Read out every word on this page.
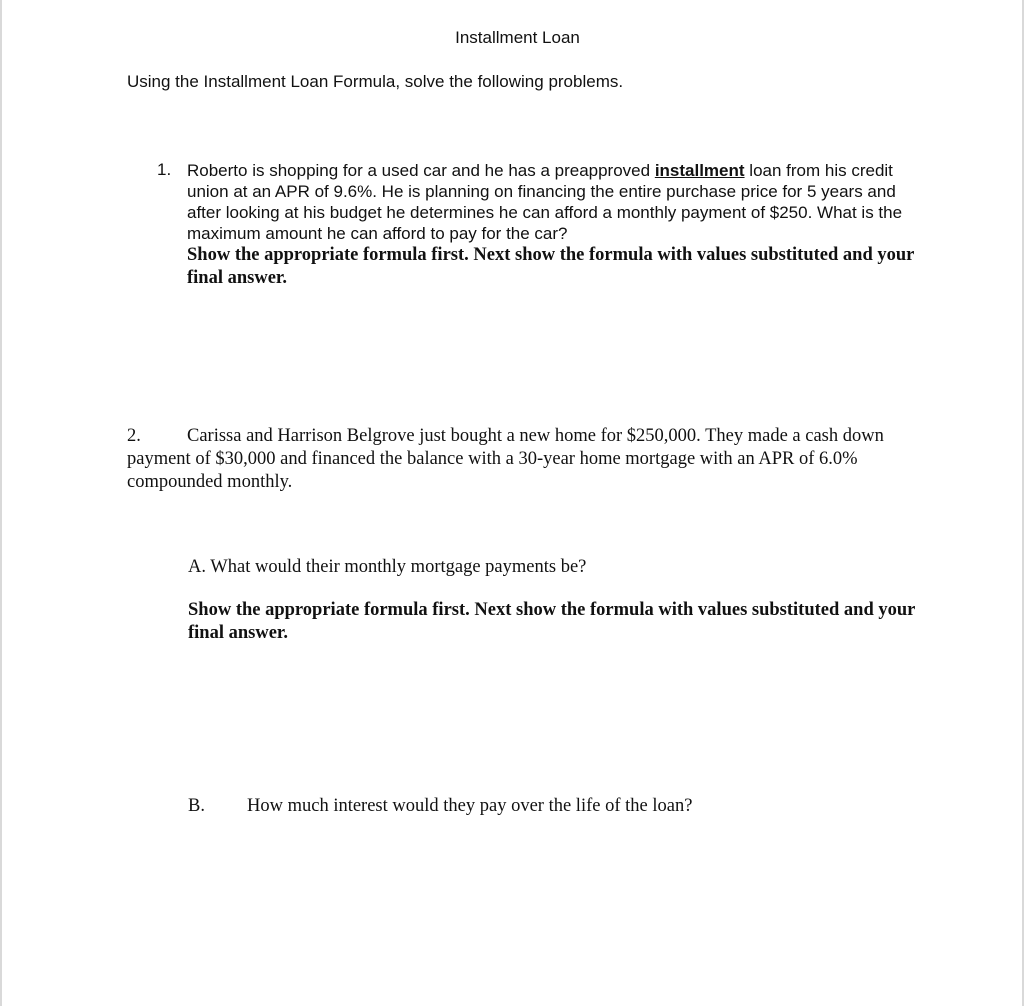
Installment Loan
Using the Installment Loan Formula, solve the following problems.
1. Roberto is shopping for a used car and he has a preapproved installment loan from his credit union at an APR of 9.6%. He is planning on financing the entire purchase price for 5 years and after looking at his budget he determines he can afford a monthly payment of $250. What is the maximum amount he can afford to pay for the car?
Show the appropriate formula first. Next show the formula with values substituted and your final answer.
2. Carissa and Harrison Belgrove just bought a new home for $250,000. They made a cash down payment of $30,000 and financed the balance with a 30-year home mortgage with an APR of 6.0% compounded monthly.
A. What would their monthly mortgage payments be?
Show the appropriate formula first. Next show the formula with values substituted and your final answer.
B. How much interest would they pay over the life of the loan?
